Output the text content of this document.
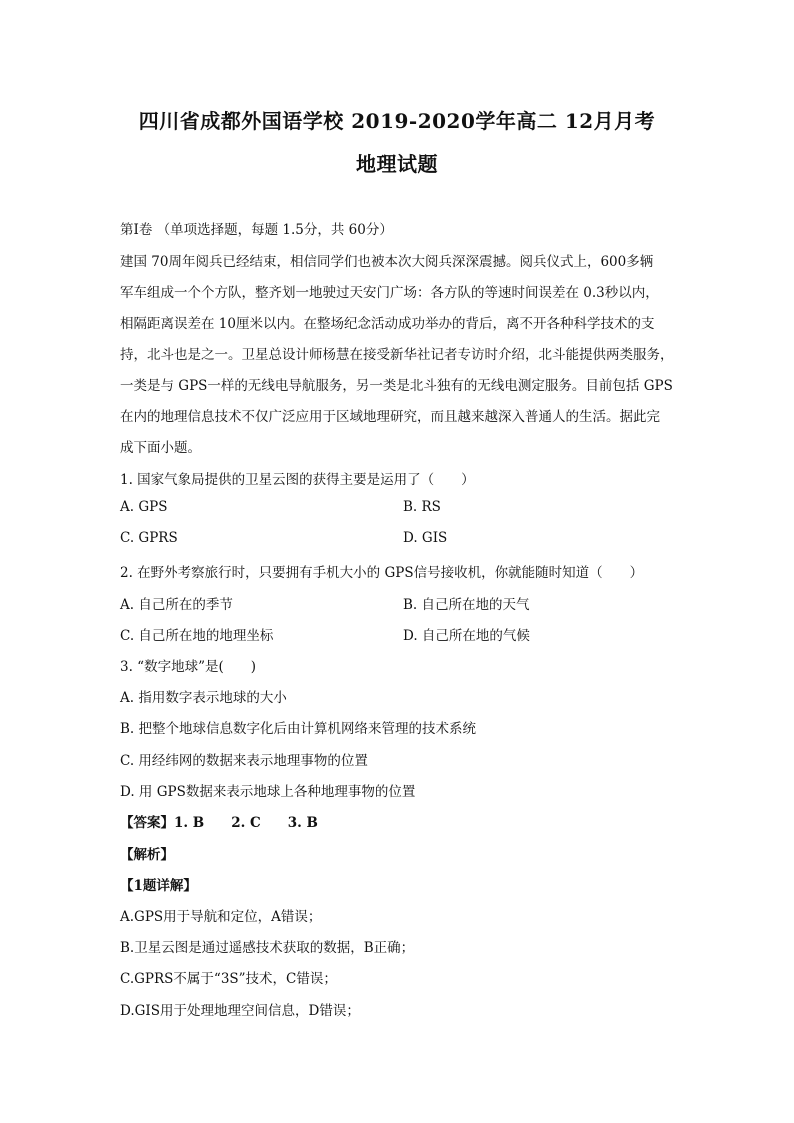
四川省成都外国语学校 2019-2020学年高二 12月月考
地理试题
第Ⅰ卷 （单项选择题，每题 1.5分，共 60分）
建国 70周年阅兵已经结束，相信同学们也被本次大阅兵深深震撼。阅兵仪式上，600多辆
军车组成一个个方队，整齐划一地驶过天安门广场：各方队的等速时间误差在 0.3秒以内，
相隔距离误差在 10厘米以内。在整场纪念活动成功举办的背后，离不开各种科学技术的支
持，北斗也是之一。卫星总设计师杨慧在接受新华社记者专访时介绍，北斗能提供两类服务，
一类是与 GPS一样的无线电导航服务，另一类是北斗独有的无线电测定服务。目前包括 GPS
在内的地理信息技术不仅广泛应用于区域地理研究，而且越来越深入普通人的生活。据此完
成下面小题。
1. 国家气象局提供的卫星云图的获得主要是运用了（　　）
A. GPS	B. RS
C. GPRS	D. GIS
2. 在野外考察旅行时，只要拥有手机大小的 GPS信号接收机，你就能随时知道（　　）
A. 自己所在的季节	B. 自己所在地的天气
C. 自己所在地的地理坐标	D. 自己所在地的气候
3. “数字地球”是(　　)
A. 指用数字表示地球的大小
B. 把整个地球信息数字化后由计算机网络来管理的技术系统
C. 用经纬网的数据来表示地理事物的位置
D. 用 GPS数据来表示地球上各种地理事物的位置
【答案】1. B　　2. C　　3. B
【解析】
【1题详解】
A.GPS用于导航和定位，A错误；
B.卫星云图是通过遥感技术获取的数据，B正确；
C.GPRS不属于“3S”技术，C错误；
D.GIS用于处理地理空间信息，D错误；
